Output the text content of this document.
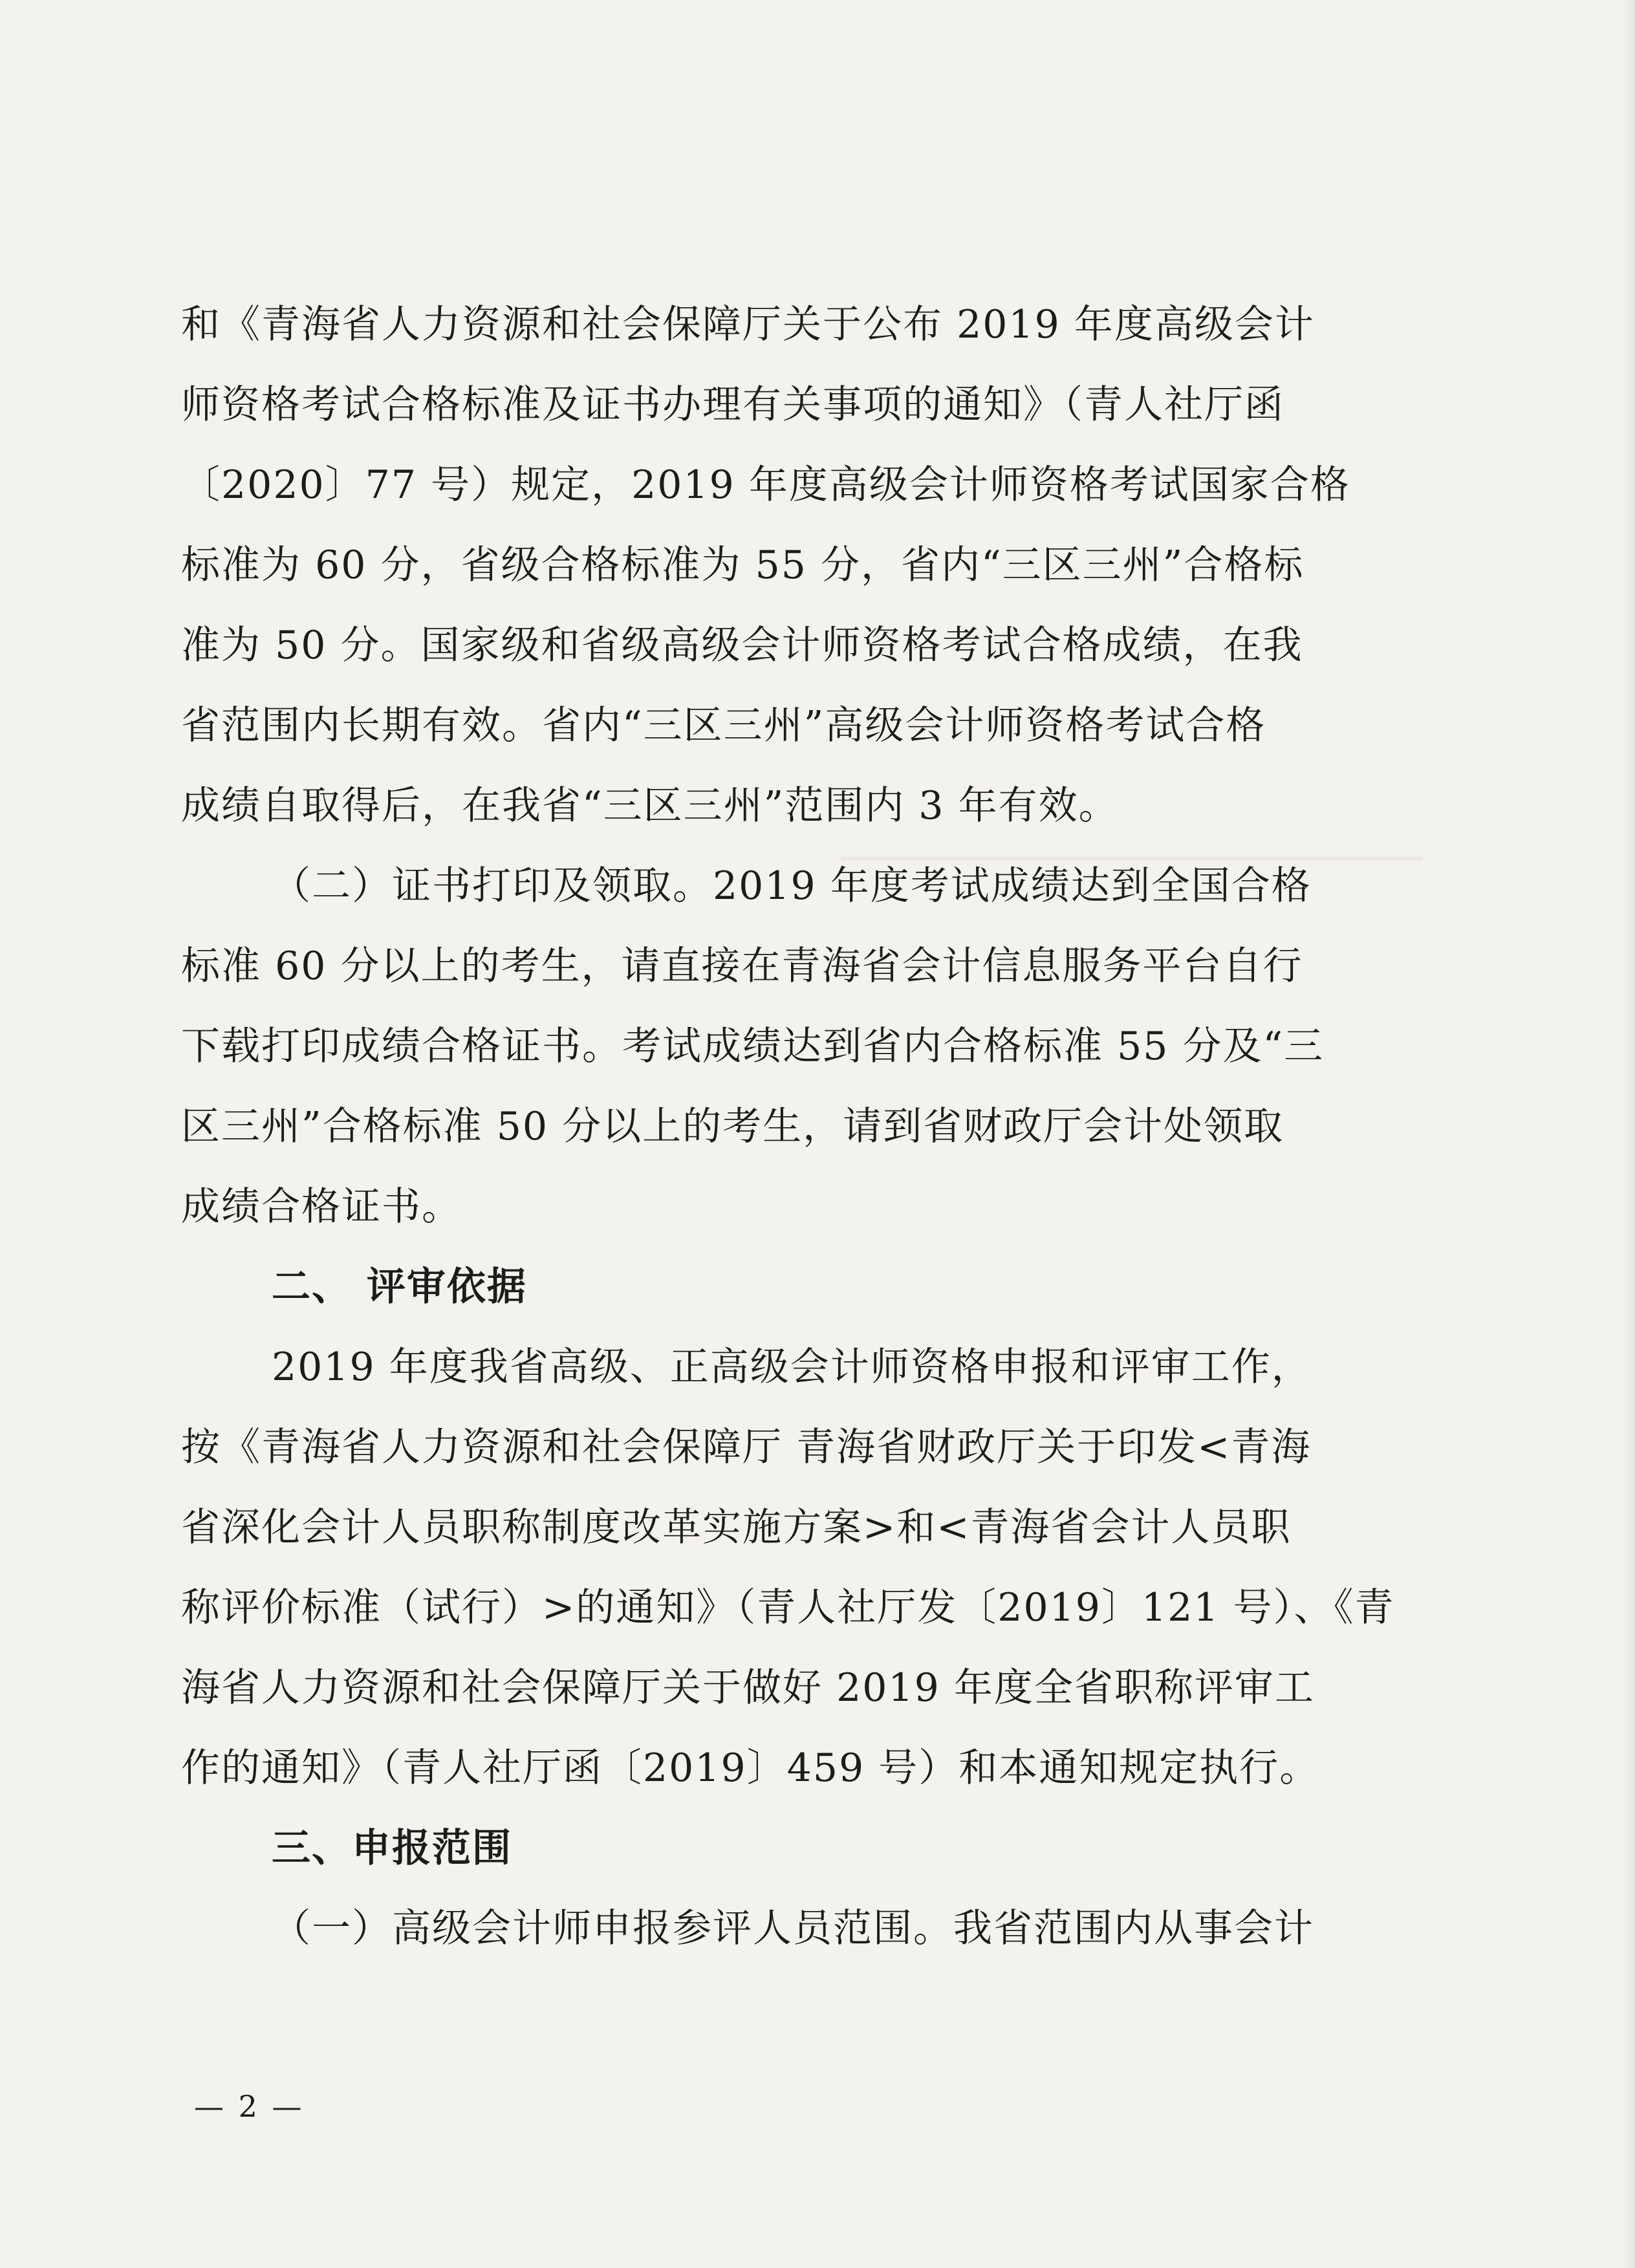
和《青海省人力资源和社会保障厅关于公布 2019 年度高级会计
师资格考试合格标准及证书办理有关事项的通知》（青人社厅函
〔2020〕77 号）规定，2019 年度高级会计师资格考试国家合格
标准为 60 分，省级合格标准为 55 分，省内“三区三州”合格标
准为 50 分。国家级和省级高级会计师资格考试合格成绩，在我
省范围内长期有效。省内“三区三州”高级会计师资格考试合格
成绩自取得后，在我省“三区三州”范围内 3 年有效。
（二）证书打印及领取。2019 年度考试成绩达到全国合格
标准 60 分以上的考生，请直接在青海省会计信息服务平台自行
下载打印成绩合格证书。考试成绩达到省内合格标准 55 分及“三
区三州”合格标准 50 分以上的考生，请到省财政厅会计处领取
成绩合格证书。
二、 评审依据
2019 年度我省高级、正高级会计师资格申报和评审工作，
按《青海省人力资源和社会保障厅 青海省财政厅关于印发<青海
省深化会计人员职称制度改革实施方案>和<青海省会计人员职
称评价标准（试行）>的通知》（青人社厅发〔2019〕121 号）、《青
海省人力资源和社会保障厅关于做好 2019 年度全省职称评审工
作的通知》（青人社厅函〔2019〕459 号）和本通知规定执行。
三、申报范围
（一）高级会计师申报参评人员范围。我省范围内从事会计
— 2 —
